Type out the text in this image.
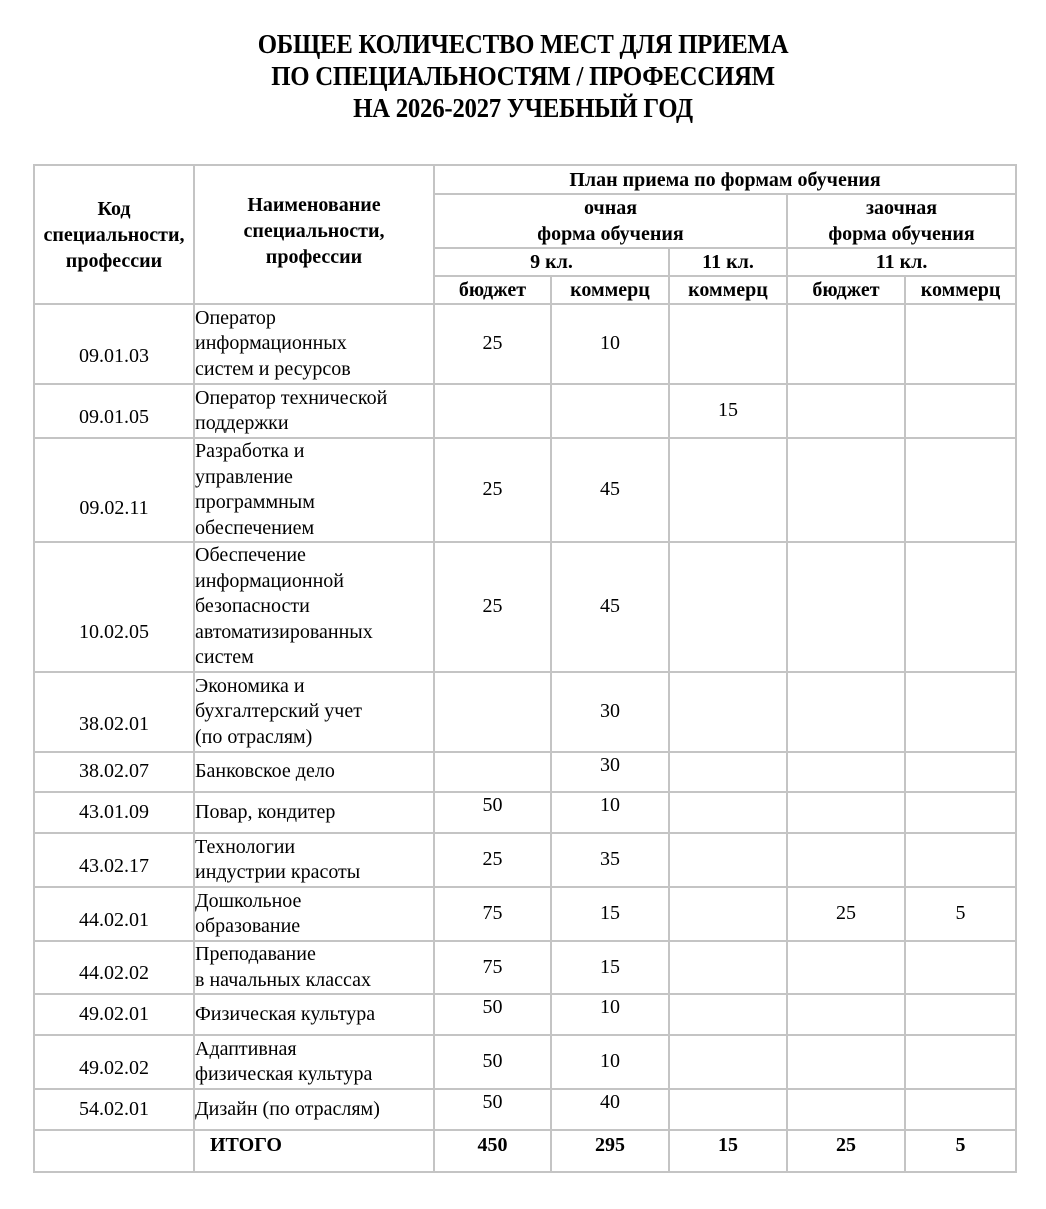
ОБЩЕЕ КОЛИЧЕСТВО МЕСТ ДЛЯ ПРИЕМА
ПО СПЕЦИАЛЬНОСТЯМ / ПРОФЕССИЯМ
НА 2026-2027 УЧЕБНЫЙ ГОД
Код
специальности,
профессии

Наименование
специальности,
профессии
	План приема по формам обучения

очная
форма обучения

заочная
форма обучения

		9 кл.		11 кл.	11 кл.	
		бюджет	коммерц	коммерц	бюджет	коммерц

09.01.03	Оператор
информационных
систем и ресурсов	25	10			

09.01.05	Оператор технической
поддержки			15		

09.02.11	Разработка и
управление
программным
обеспечением	25	45			

10.02.05	Обеспечение
информационной
безопасности
автоматизированных
систем	25	45			

38.02.01	Экономика и
бухгалтерский учет
(по отраслям)		30			

38.02.07	Банковское дело		30			

43.01.09	Повар, кондитер	50	10			

43.02.17	Технологии
индустрии красоты	25	35			

44.02.01	Дошкольное
образование	75	15		25	5

44.02.02	Преподавание
в начальных классах	75	15			

49.02.01	Физическая культура	50	10			

49.02.02	Адаптивная
физическая культура	50	10			

54.02.01	Дизайн (по отраслям)	50	40			
	ИТОГО	450	295	15	25	5
